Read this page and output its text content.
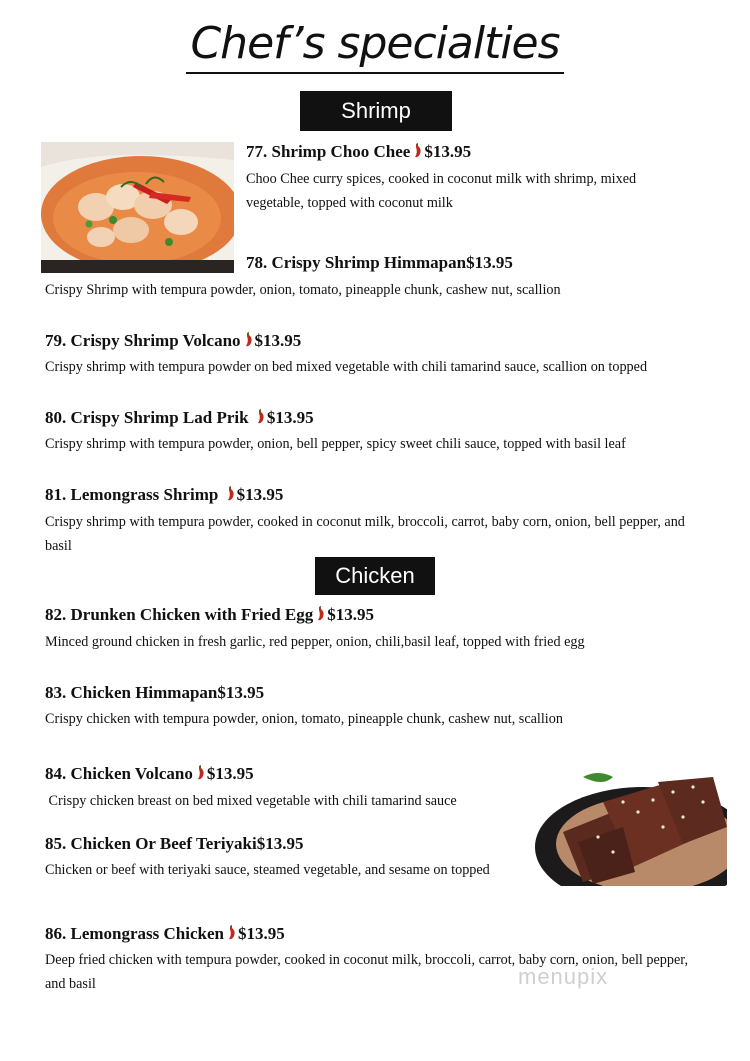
Chef’s specialties
Shrimp
77. Shrimp Choo Chee $13.95
Choo Chee curry spices, cooked in coconut milk with shrimp, mixed vegetable, topped with coconut milk
78. Crispy Shrimp Himmapan$13.95
Crispy Shrimp with tempura powder, onion, tomato, pineapple chunk, cashew nut, scallion
79. Crispy Shrimp Volcano $13.95
Crispy shrimp with tempura powder on bed mixed vegetable with chili tamarind sauce, scallion on topped
80. Crispy Shrimp Lad Prik $13.95
Crispy shrimp with tempura powder, onion, bell pepper, spicy sweet chili sauce, topped with basil leaf
81. Lemongrass Shrimp $13.95
Crispy shrimp with tempura powder, cooked in coconut milk, broccoli, carrot, baby corn, onion, bell pepper, and basil
Chicken
82. Drunken Chicken with Fried Egg $13.95
Minced ground chicken in fresh garlic, red pepper, onion, chili,basil leaf, topped with fried egg
83. Chicken Himmapan$13.95
Crispy chicken with tempura powder, onion, tomato, pineapple chunk, cashew nut, scallion
84. Chicken Volcano $13.95
Crispy chicken breast on bed mixed vegetable with chili tamarind sauce
85. Chicken Or Beef Teriyaki$13.95
Chicken or beef with teriyaki sauce, steamed vegetable, and sesame on topped
86. Lemongrass Chicken $13.95
Deep fried chicken with tempura powder, cooked in coconut milk, broccoli, carrot, baby corn, onion, bell pepper, and basil	menupix
